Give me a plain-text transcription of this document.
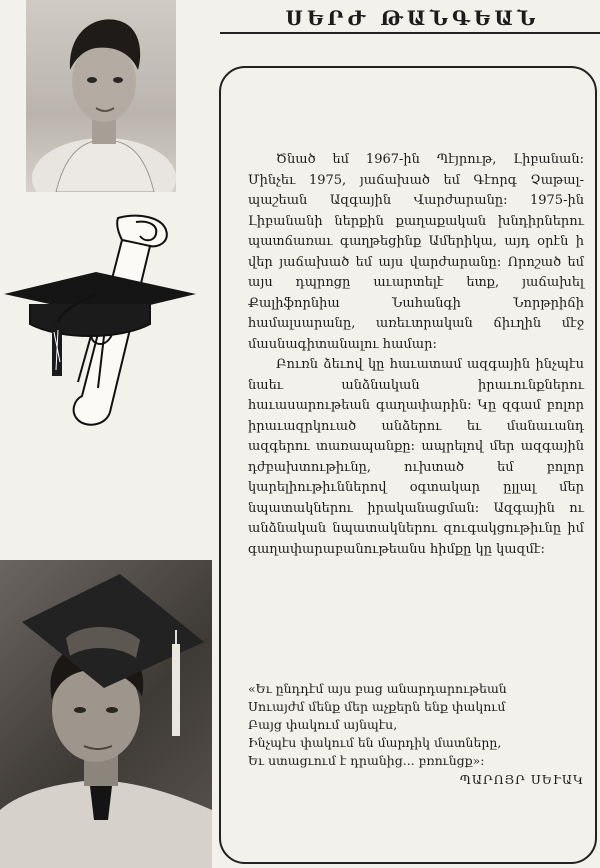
ՍԵՐԺ ԹԱՆԳԵԱՆ

Ծնած եմ 1967-ին Պէյրութ, Լիբանան: Մինչեւ 1975, յաճախած եմ Գէորգ Չաթալ-պաշեան Ազգային Վարժարանը: 1975-ին Լիբանանի ներքին քաղաքական խնդիրներու պատճառաւ գաղթեցինք Ամերիկա, այդ օրէն ի վեր յաճախած եմ այս վարժարանը: Որոշած եմ այս դպրոցը աւարտելէ ետք, յաճախել Քալիֆորնիա Նահանգի Նորթրիճի համալսարանը, առեւտրական ճիւղին մէջ մասնագիտանալու համար:

Բուռն ձեւով կը հաւատամ ազգային ինչպէս նաեւ անձնական իրաւունքներու հաւասարութեան գաղափարին: Կը զգամ բոլոր իրաւազրկուած անձերու եւ մանաւանդ ազգերու տառապանքը: ապրելով մեր ազգային դժբախտութիւնը, ուխտած եմ բոլոր կարելիութիւններով օգտակար ըլլալ մեր նպատակներու իրականացման: Ազգային ու անձնական նպատակներու զուգակցութիւնը իմ գաղափարաբանութեանս հիմքը կը կազմէ:

«Եւ ընդդէմ այս բաց անարդարութեան
Սուայժմ մենք մեր աչքերն ենք փակում
Բայց փակում այնպէս,
Ինչպէս փակում են մարդիկ մատները,
Եւ ստացւում է դրանից... բռունցք»:
ՊԱՐՈՅՐ ՍԵՒԱԿ
